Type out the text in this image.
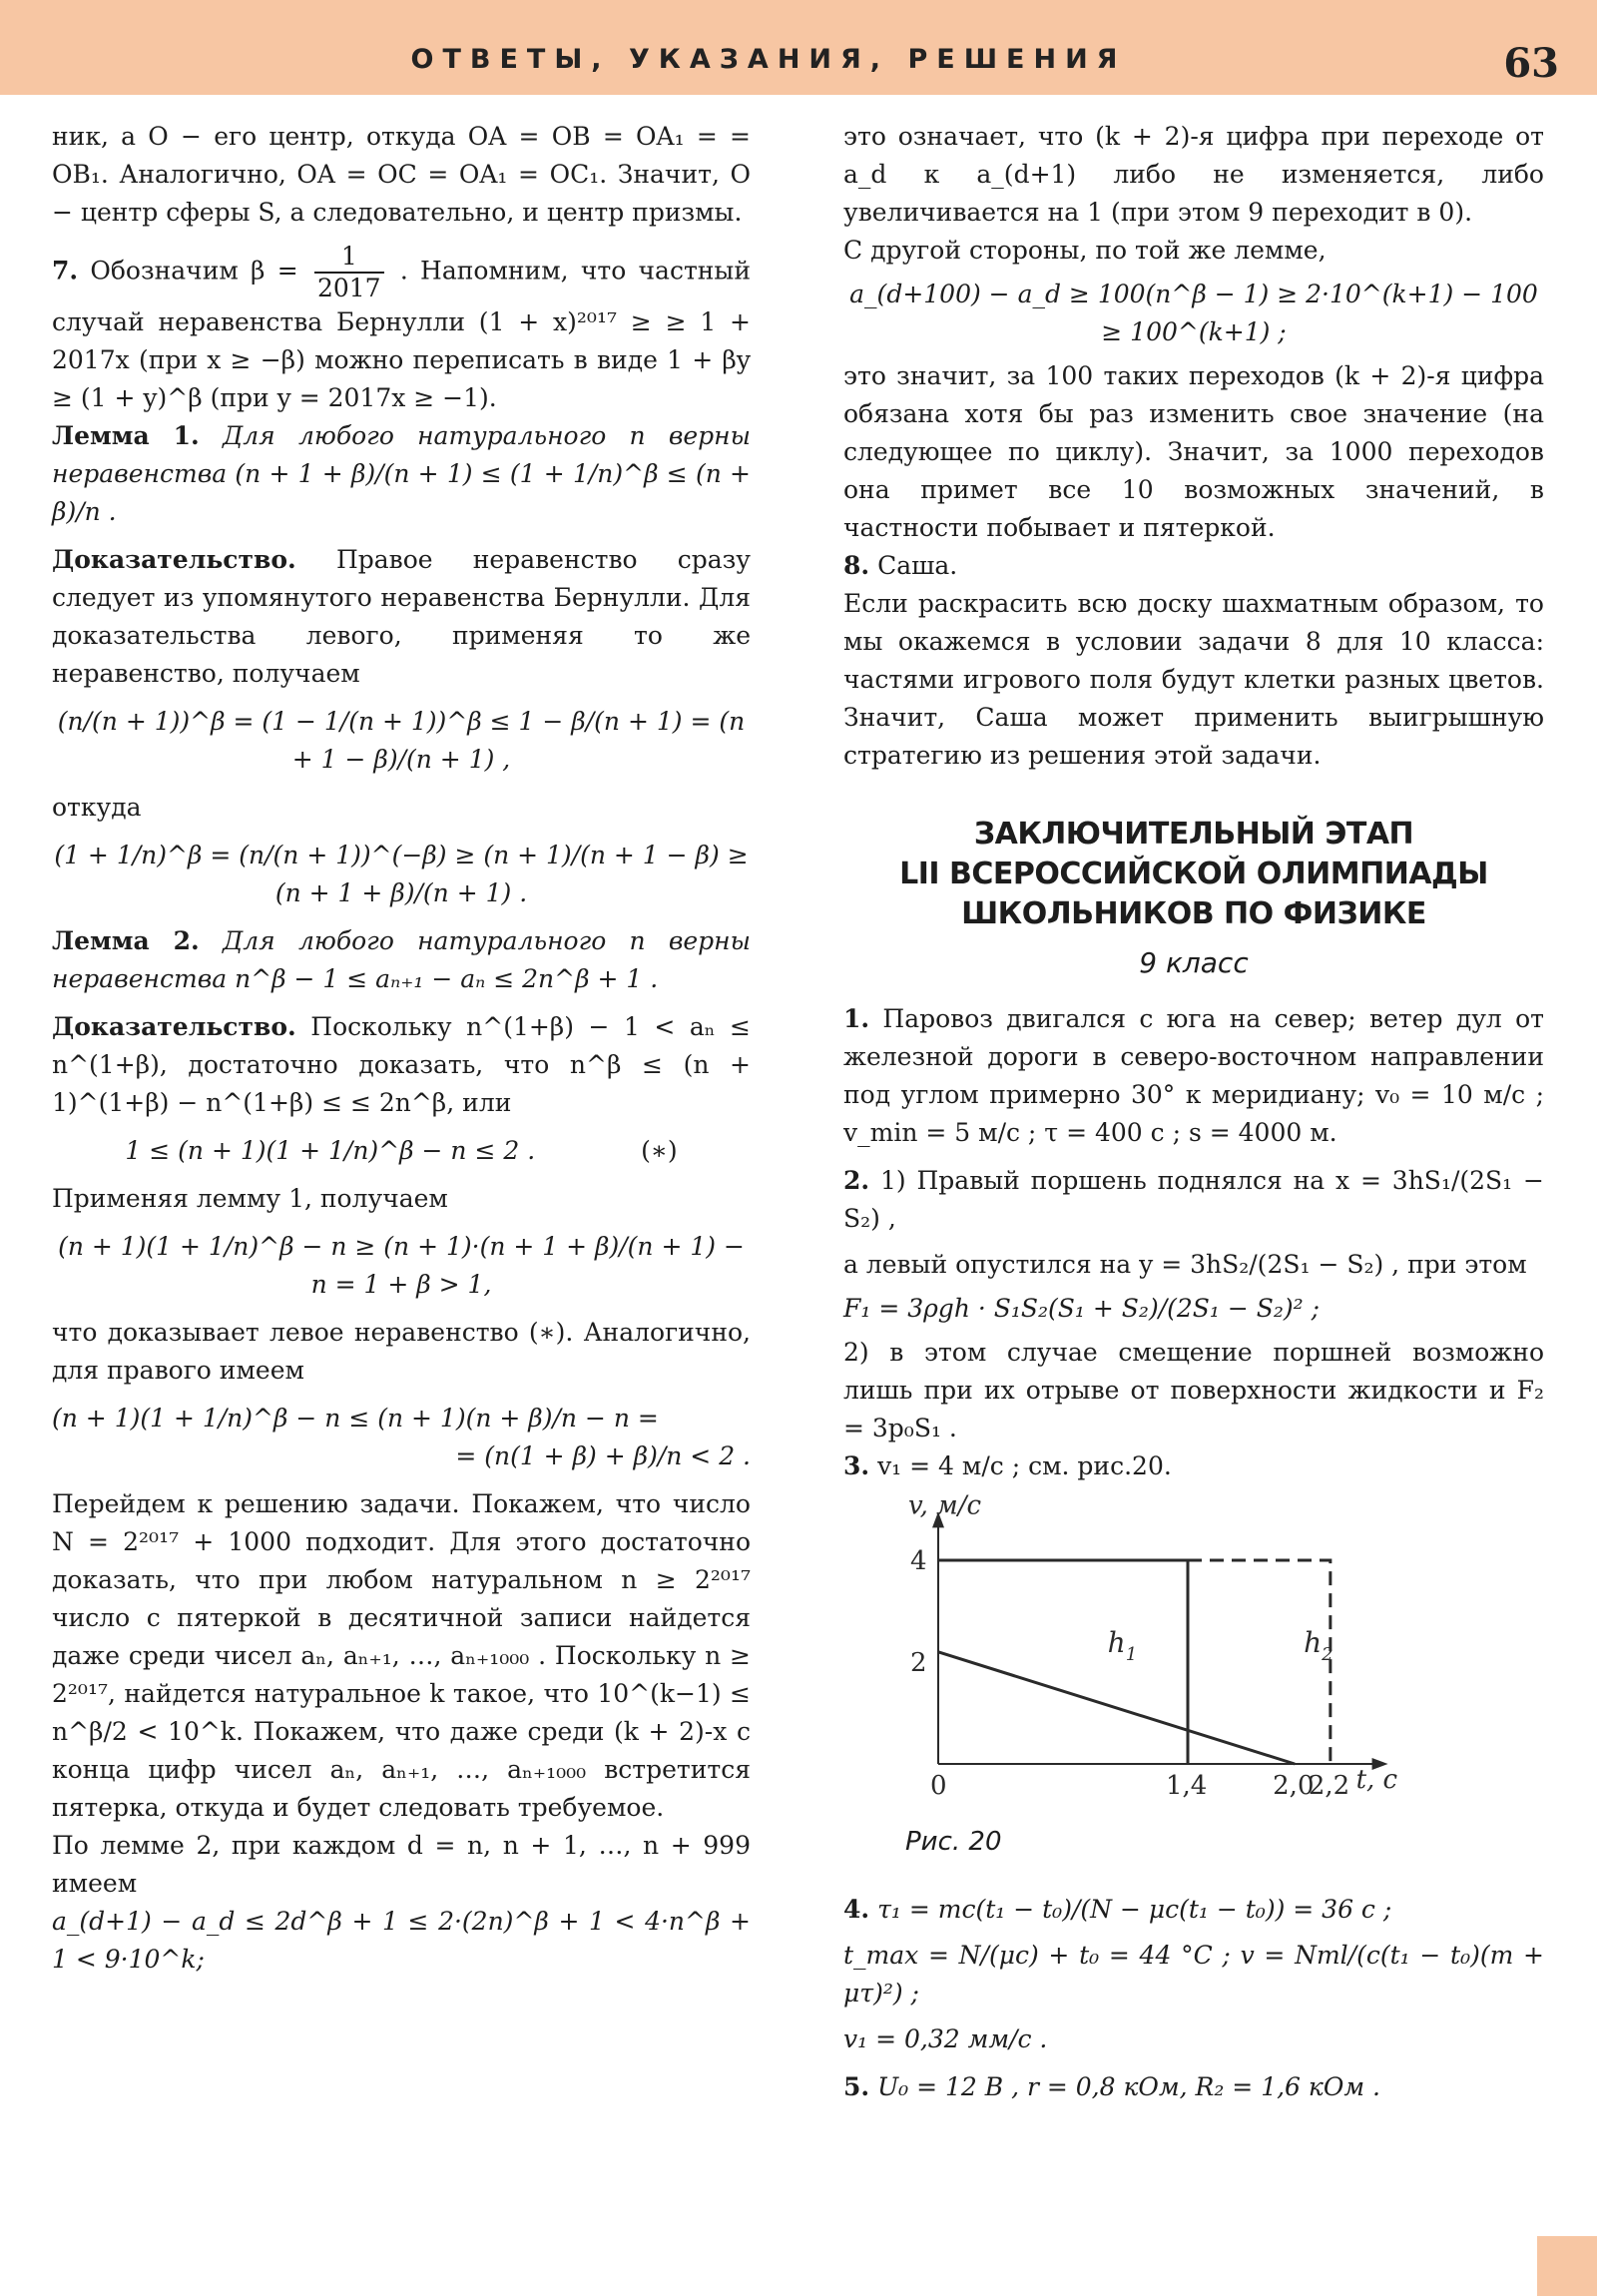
ОТВЕТЫ, УКАЗАНИЯ, РЕШЕНИЯ	63

ник, а O − его центр, откуда OA = OB = OA₁ = = OB₁. Аналогично, OA = OC = OA₁ = OC₁. Значит, O − центр сферы S, а следовательно, и центр призмы.

7. Обозначим $\beta = \frac{1}{2017}$ . Напомним, что частный случай неравенства Бернулли (1 + x)²⁰¹⁷ ≥ ≥ 1 + 2017x (при x ≥ −β) можно переписать в виде 1 + βy ≥ (1 + y)^β (при y = 2017x ≥ −1).

Лемма 1. Для любого натурального n верны неравенства (n + 1 + β)/(n + 1) ≤ (1 + 1/n)^β ≤ (n + β)/n .

Доказательство. Правое неравенство сразу следует из упомянутого неравенства Бернулли. Для доказательства левого, применяя то же неравенство, получаем

(n/(n + 1))^β = (1 − 1/(n + 1))^β ≤ 1 − β/(n + 1) = (n + 1 − β)/(n + 1) ,

откуда

(1 + 1/n)^β = (n/(n + 1))^(−β) ≥ (n + 1)/(n + 1 − β) ≥ (n + 1 + β)/(n + 1) .

Лемма 2. Для любого натурального n верны неравенства n^β − 1 ≤ aₙ₊₁ − aₙ ≤ 2n^β + 1 .

Доказательство. Поскольку n^(1+β) − 1 < aₙ ≤ n^(1+β), достаточно доказать, что n^β ≤ (n + 1)^(1+β) − n^(1+β) ≤ ≤ 2n^β, или

1 ≤ (n + 1)(1 + 1/n)^β − n ≤ 2 .	(∗)

Применяя лемму 1, получаем

(n + 1)(1 + 1/n)^β − n ≥ (n + 1)·(n + 1 + β)/(n + 1) − n = 1 + β > 1,

что доказывает левое неравенство (∗). Аналогично, для правого имеем

(n + 1)(1 + 1/n)^β − n ≤ (n + 1)(n + β)/n − n =

= (n(1 + β) + β)/n < 2 .

Перейдем к решению задачи. Покажем, что число N = 2²⁰¹⁷ + 1000 подходит. Для этого достаточно доказать, что при любом натуральном n ≥ 2²⁰¹⁷ число с пятеркой в десятичной записи найдется даже среди чисел aₙ, aₙ₊₁, …, aₙ₊₁₀₀₀ . Поскольку n ≥ 2²⁰¹⁷, найдется натуральное k такое, что 10^(k−1) ≤ n^β/2 < 10^k. Покажем, что даже среди (k + 2)-х с конца цифр чисел aₙ, aₙ₊₁, …, aₙ₊₁₀₀₀ встретится пятерка, откуда и будет следовать требуемое.

По лемме 2, при каждом d = n, n + 1, …, n + 999 имеем

a_(d+1) − a_d ≤ 2d^β + 1 ≤ 2·(2n)^β + 1 < 4·n^β + 1 < 9·10^k;

это означает, что (k + 2)-я цифра при переходе от a_d к a_(d+1) либо не изменяется, либо увеличивается на 1 (при этом 9 переходит в 0).

С другой стороны, по той же лемме,

a_(d+100) − a_d ≥ 100(n^β − 1) ≥ 2·10^(k+1) − 100 ≥ 100^(k+1) ;

это значит, за 100 таких переходов (k + 2)-я цифра обязана хотя бы раз изменить свое значение (на следующее по циклу). Значит, за 1000 переходов она примет все 10 возможных значений, в частности побывает и пятеркой.

8. Саша.

Если раскрасить всю доску шахматным образом, то мы окажемся в условии задачи 8 для 10 класса: частями игрового поля будут клетки разных цветов. Значит, Саша может применить выигрышную стратегию из решения этой задачи.

ЗАКЛЮЧИТЕЛЬНЫЙ ЭТАП
LII ВСЕРОССИЙСКОЙ ОЛИМПИАДЫ
ШКОЛЬНИКОВ ПО ФИЗИКЕ
9 класс

1. Паровоз двигался с юга на север; ветер дул от железной дороги в северо-восточном направлении под углом примерно 30° к меридиану; v₀ = 10 м/с ; v_min = 5 м/с ; τ = 400 с ; s = 4000 м.

2. 1) Правый поршень поднялся на x = 3hS₁/(2S₁ − S₂) ,

а левый опустился на y = 3hS₂/(2S₁ − S₂) , при этом

F₁ = 3ρgh · S₁S₂(S₁ + S₂)/(2S₁ − S₂)² ;

2) в этом случае смещение поршней возможно лишь при их отрыве от поверхности жидкости и F₂ = 3p₀S₁ .

3. v₁ = 4 м/с ; см. рис.20.

v, м/с
t, с
2
4
0	1,4	2,0
2,2
$h_1$	$h_2$
Рис. 20

4. τ₁ = mc(t₁ − t₀)/(N − μc(t₁ − t₀)) = 36 с ;

t_max = N/(μc) + t₀ = 44 °C ; v = Nml/(c(t₁ − t₀)(m + μτ)²) ;

v₁ = 0,32 мм/с .

5. U₀ = 12 В , r = 0,8 кОм, R₂ = 1,6 кОм .
